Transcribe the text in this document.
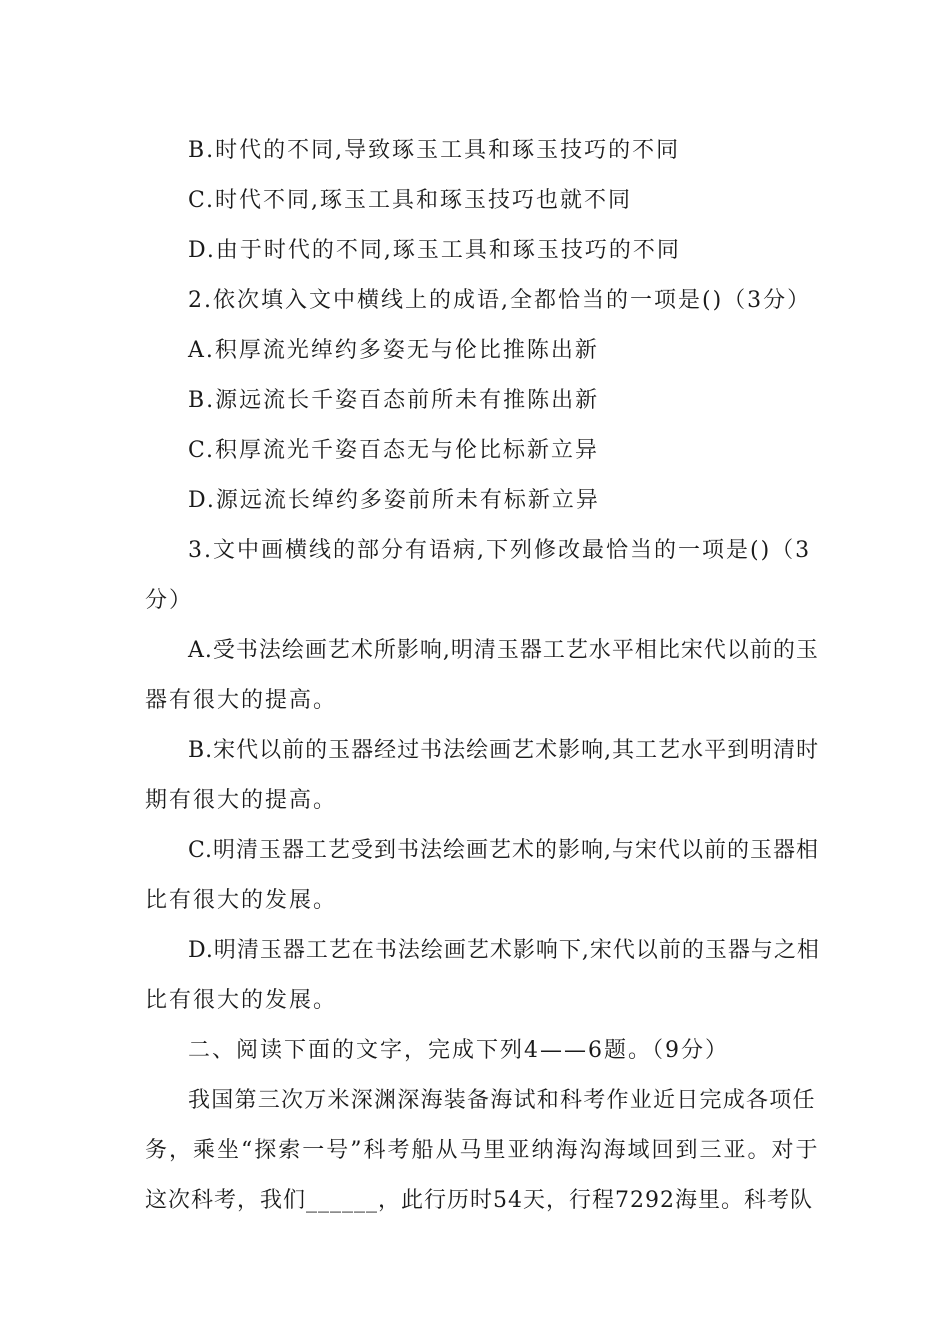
B.时代的不同,导致琢玉工具和琢玉技巧的不同
C.时代不同,琢玉工具和琢玉技巧也就不同
D.由于时代的不同,琢玉工具和琢玉技巧的不同
2.依次填入文中横线上的成语,全都恰当的一项是()（3分）
A.积厚流光绰约多姿无与伦比推陈出新
B.源远流长千姿百态前所未有推陈出新
C.积厚流光千姿百态无与伦比标新立异
D.源远流长绰约多姿前所未有标新立异
3.文中画横线的部分有语病,下列修改最恰当的一项是()（3
分）
A.受书法绘画艺术所影响,明清玉器工艺水平相比宋代以前的玉
器有很大的提高。
B.宋代以前的玉器经过书法绘画艺术影响,其工艺水平到明清时
期有很大的提高。
C.明清玉器工艺受到书法绘画艺术的影响,与宋代以前的玉器相
比有很大的发展。
D.明清玉器工艺在书法绘画艺术影响下,宋代以前的玉器与之相
比有很大的发展。
二、阅读下面的文字，完成下列4——6题。（9分）
我国第三次万米深渊深海装备海试和科考作业近日完成各项任
务，乘坐“探索一号”科考船从马里亚纳海沟海域回到三亚。对于
这次科考，我们______，此行历时54天，行程7292海里。科考队
